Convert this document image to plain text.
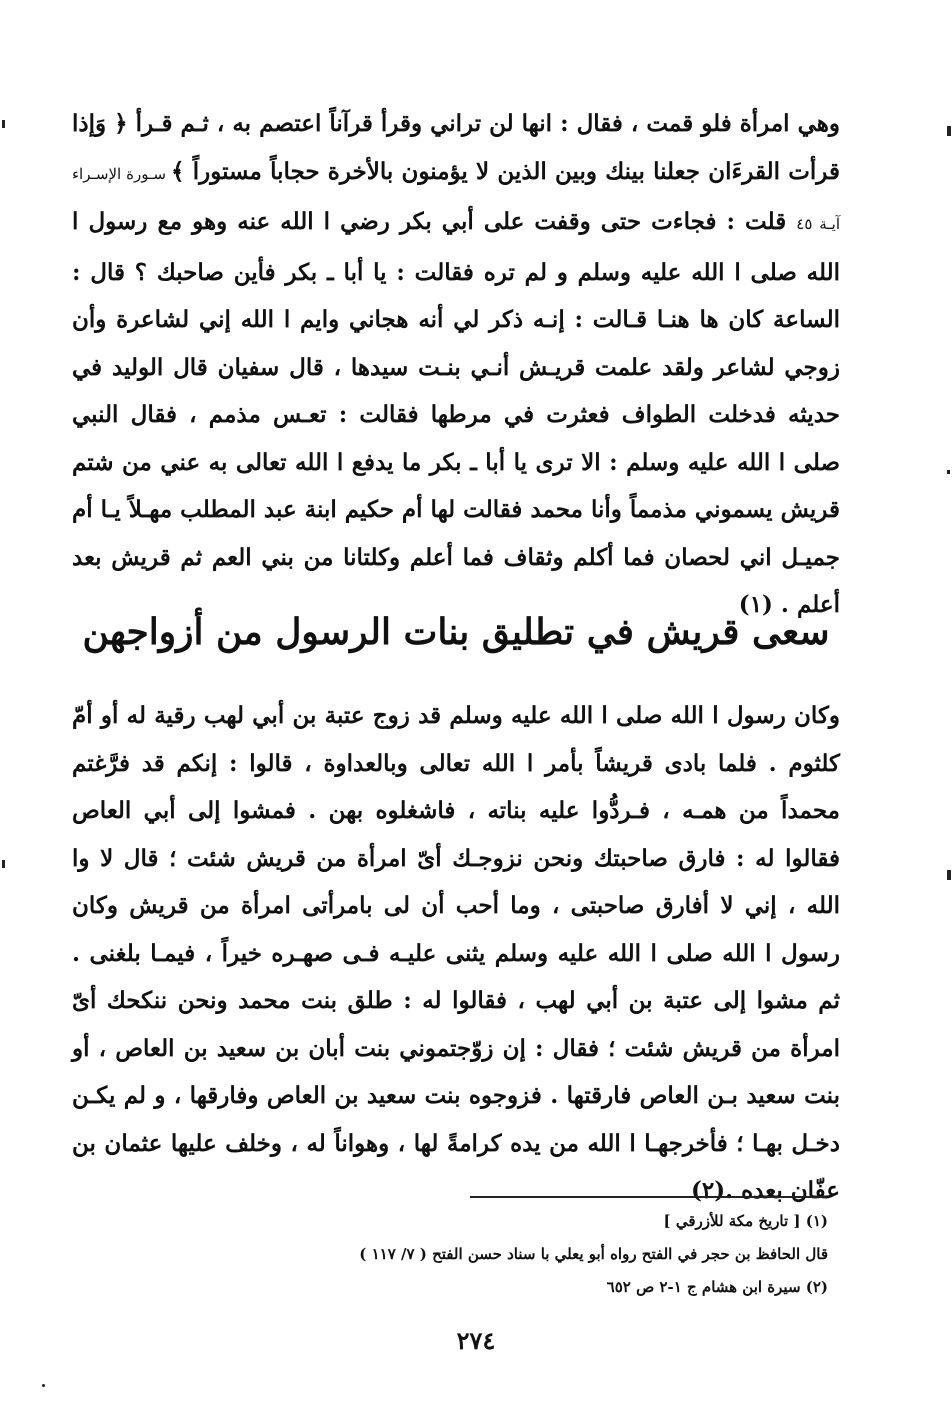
وهي امرأة فلو قمت ، فقال : انها لن تراني وقرأ قرآناً اعتصم به ، ثـم قـرأ ﴿ وَإذا قرأت القرءَان جعلنا بينك وبين الذين لا يؤمنون بالأخرة حجاباً مستوراً ﴾ سـورة الإسـراء آيـة ٤٥ قلت : فجاءت حتى وقفت على أبي بكر رضي ا الله عنه وهو مع رسول ا الله صلى ا الله عليه وسلم و لم تره فقالت : يا أبا ـ بكر فأين صاحبك ؟ قال : الساعة كان ها هنـا قـالت : إنـه ذكر لي أنه هجاني وايم ا الله إني لشاعرة وأن زوجي لشاعر ولقد علمت قريـش أنـي بنـت سيدها ، قال سفيان قال الوليد في حديثه فدخلت الطواف فعثرت في مرطها فقالت : تعـس مذمم ، فقال النبي صلى ا الله عليه وسلم : الا ترى يا أبا ـ بكر ما يدفع ا الله تعالى به عني من شتم قريش يسموني مذمماً وأنا محمد فقالت لها أم حكيم ابنة عبد المطلب مهـلاً يـا أم جميـل اني لحصان فما أكلم وثقاف فما أعلم وكلتانا من بني العم ثم قريش بعد أعلم . (١)

سعى قريش في تطليق بنات الرسول من أزواجهن

وكان رسول ا الله صلى ا الله عليه وسلم قد زوج عتبة بن أبي لهب رقية له أو أمّ كلثوم . فلما بادى قريشاً بأمر ا الله تعالى وبالعداوة ، قالوا : إنكم قد فرَّغتم محمداً من همـه ، فـردُّوا عليه بناته ، فاشغلوه بهن . فمشوا إلى أبي العاص فقالوا له : فارق صاحبتك ونحن نزوجـك أىّ امرأة من قريش شئت ؛ قال لا وا الله ، إني لا أفارق صاحبتى ، وما أحب أن لى بامرأتى امرأة من قريش وكان رسول ا الله صلى ا الله عليه وسلم يثنى عليـه فـى صهـره خيراً ، فيمـا بلغنى . ثم مشوا إلى عتبة بن أبي لهب ، فقالوا له : طلق بنت محمد ونحن ننكحك أىّ امرأة من قريش شئت ؛ فقال : إن زوّجتموني بنت أبان بن سعيد بن العاص ، أو بنت سعيد بـن العاص فارقتها . فزوجوه بنت سعيد بن العاص وفارقها ، و لم يكـن دخـل بهـا ؛ فأخرجهـا ا الله من يده كرامةً لها ، وهواناً له ، وخلف عليها عثمان بن عفّان بعده .(٢)

(١) [ تاريخ مكة للأزرقي ]
قال الحافظ بن حجر في الفتح رواه أبو يعلي با سناد حسن الفتح ( ٧/ ١١٧ )
(٢) سيرة ابن هشام ج ١-٢ ص ٦٥٢
٢٧٤
